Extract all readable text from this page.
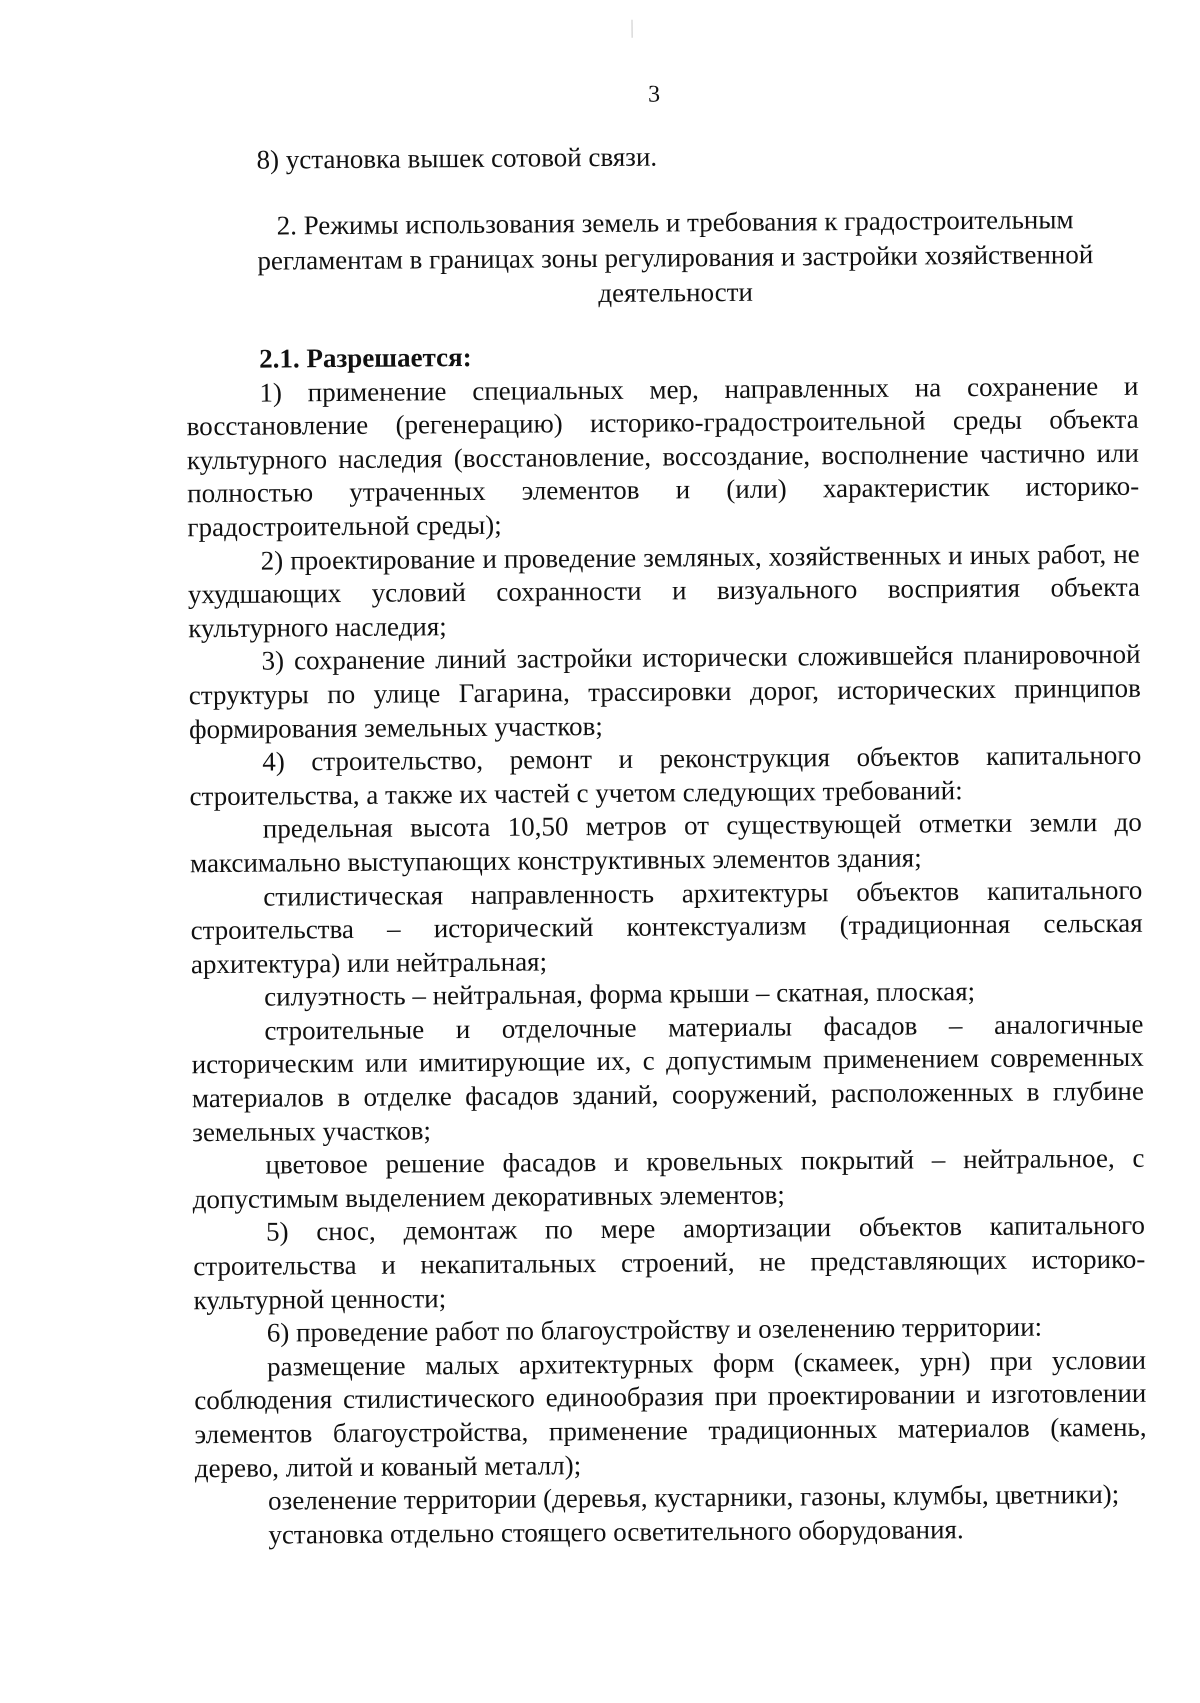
3
8) установка вышек сотовой связи.
2. Режимы использования земель и требования к градостроительным
регламентам в границах зоны регулирования и застройки хозяйственной
деятельности

2.1. Разрешается:

1) применение специальных мер, направленных на сохранение и восстановление (регенерацию) историко-градостроительной среды объекта культурного наследия (восстановление, воссоздание, восполнение частично или полностью утраченных элементов и (или) характеристик историко-градостроительной среды);

2) проектирование и проведение земляных, хозяйственных и иных работ, не ухудшающих условий сохранности и визуального восприятия объекта культурного наследия;

3) сохранение линий застройки исторически сложившейся планировочной структуры по улице Гагарина, трассировки дорог, исторических принципов формирования земельных участков;

4) строительство, ремонт и реконструкция объектов капитального строительства, а также их частей с учетом следующих требований:

предельная высота 10,50 метров от существующей отметки земли до максимально выступающих конструктивных элементов здания;

стилистическая направленность архитектуры объектов капитального строительства – исторический контекстуализм (традиционная сельская архитектура) или нейтральная;

силуэтность – нейтральная, форма крыши – скатная, плоская;

строительные и отделочные материалы фасадов – аналогичные историческим или имитирующие их, с допустимым применением современных материалов в отделке фасадов зданий, сооружений, расположенных в глубине земельных участков;

цветовое решение фасадов и кровельных покрытий – нейтральное, с допустимым выделением декоративных элементов;

5) снос, демонтаж по мере амортизации объектов капитального строительства и некапитальных строений, не представляющих историко-культурной ценности;

6) проведение работ по благоустройству и озеленению территории:

размещение малых архитектурных форм (скамеек, урн) при условии соблюдения стилистического единообразия при проектировании и изготовлении элементов благоустройства, применение традиционных материалов (камень, дерево, литой и кованый металл);

озеленение территории (деревья, кустарники, газоны, клумбы, цветники);

установка отдельно стоящего осветительного оборудования.
